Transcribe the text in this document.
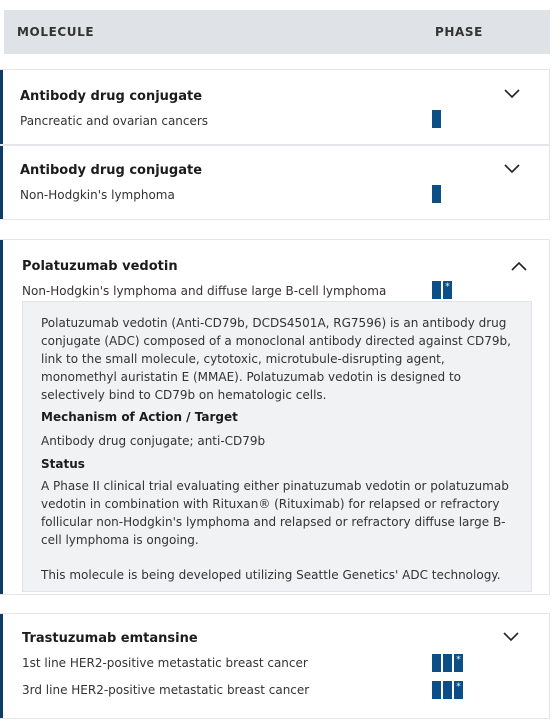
MOLECULE	PHASE
Antibody drug conjugate
Pancreatic and ovarian cancers
Antibody drug conjugate
Non-Hodgkin's lymphoma
Polatuzumab vedotin
Non-Hodgkin's lymphoma and diffuse large B-cell lymphoma	*
Polatuzumab vedotin (Anti-CD79b, DCDS4501A, RG7596) is an antibody drug
conjugate (ADC) composed of a monoclonal antibody directed against CD79b,
link to the small molecule, cytotoxic, microtubule-disrupting agent,
monomethyl auristatin E (MMAE). Polatuzumab vedotin is designed to
selectively bind to CD79b on hematologic cells.
Mechanism of Action / Target
Antibody drug conjugate; anti-CD79b
Status
A Phase II clinical trial evaluating either pinatuzumab vedotin or polatuzumab
vedotin in combination with Rituxan® (Rituximab) for relapsed or refractory
follicular non-Hodgkin's lymphoma and relapsed or refractory diffuse large B-
cell lymphoma is ongoing.
This molecule is being developed utilizing Seattle Genetics' ADC technology.
Trastuzumab emtansine
1st line HER2-positive metastatic breast cancer
3rd line HER2-positive metastatic breast cancer
*
*
